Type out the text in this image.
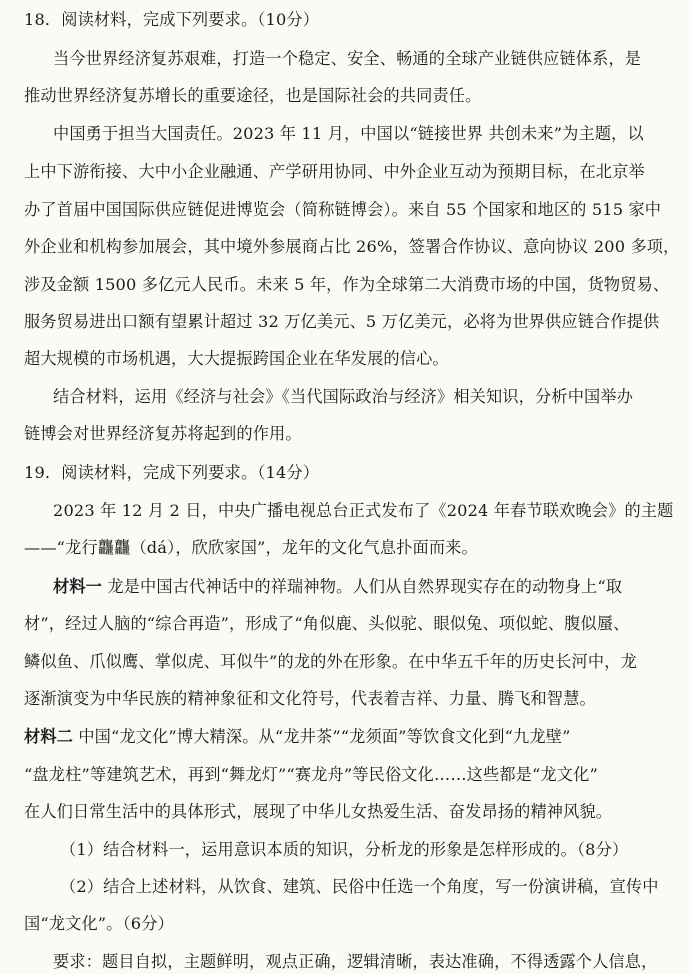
18．阅读材料，完成下列要求。（10分）
当今世界经济复苏艰难，打造一个稳定、安全、畅通的全球产业链供应链体系，是
推动世界经济复苏增长的重要途径，也是国际社会的共同责任。
中国勇于担当大国责任。2023 年 11 月，中国以“链接世界 共创未来”为主题，以
上中下游衔接、大中小企业融通、产学研用协同、中外企业互动为预期目标，在北京举
办了首届中国国际供应链促进博览会（简称链博会）。来自 55 个国家和地区的 515 家中
外企业和机构参加展会，其中境外参展商占比 26%，签署合作协议、意向协议 200 多项，
涉及金额 1500 多亿元人民币。未来 5 年，作为全球第二大消费市场的中国，货物贸易、
服务贸易进出口额有望累计超过 32 万亿美元、5 万亿美元，必将为世界供应链合作提供
超大规模的市场机遇，大大提振跨国企业在华发展的信心。
结合材料，运用《经济与社会》《当代国际政治与经济》相关知识，分析中国举办
链博会对世界经济复苏将起到的作用。
19．阅读材料，完成下列要求。（14分）
2023 年 12 月 2 日，中央广播电视总台正式发布了《2024 年春节联欢晚会》的主题
——“龙行龘龘（dá），欣欣家国”，龙年的文化气息扑面而来。
材料一 龙是中国古代神话中的祥瑞神物。人们从自然界现实存在的动物身上“取
材”，经过人脑的“综合再造”，形成了“角似鹿、头似驼、眼似兔、项似蛇、腹似蜃、
鳞似鱼、爪似鹰、掌似虎、耳似牛”的龙的外在形象。在中华五千年的历史长河中，龙
逐渐演变为中华民族的精神象征和文化符号，代表着吉祥、力量、腾飞和智慧。
材料二 中国“龙文化”博大精深。从“龙井茶”“龙须面”等饮食文化到“九龙壁”
“盘龙柱”等建筑艺术，再到“舞龙灯”“赛龙舟”等民俗文化……这些都是“龙文化”
在人们日常生活中的具体形式，展现了中华儿女热爱生活、奋发昂扬的精神风貌。
（1）结合材料一，运用意识本质的知识，分析龙的形象是怎样形成的。（8分）
（2）结合上述材料，从饮食、建筑、民俗中任选一个角度，写一份演讲稿，宣传中
国“龙文化”。（6分）
要求：题目自拟，主题鲜明，观点正确，逻辑清晰，表达准确，不得透露个人信息，
